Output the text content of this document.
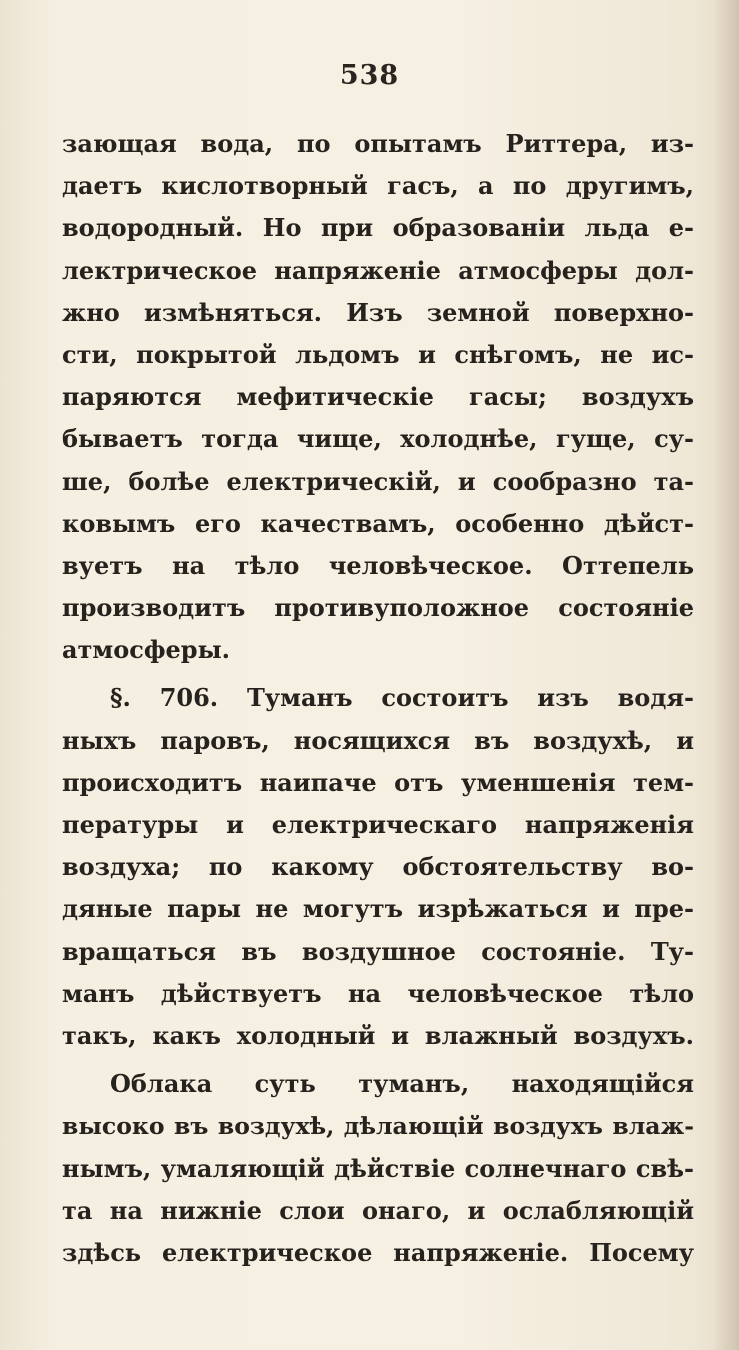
538
зающая вода, по опытамъ Риттера, из-
даетъ кислотворный гасъ, а по другимъ,
водородный. Но при образованіи льда е-
лектрическое напряженіе атмосферы дол-
жно измѣняться. Изъ земной поверхно-
сти, покрытой льдомъ и снѣгомъ, не ис-
паряются мефитическіе гасы; воздухъ
бываетъ тогда чище, холоднѣе, гуще, су-
ше, болѣе електрическій, и сообразно та-
ковымъ его качествамъ, особенно дѣйст-
вуетъ на тѣло человѣческое. Оттепель
производитъ противуположное состояніе
атмосферы.
§. 706. Туманъ состоитъ изъ водя-
ныхъ паровъ, носящихся въ воздухѣ, и
происходитъ наипаче отъ уменшенія тем-
пературы и електрическаго напряженія
воздуха; по какому обстоятельству во-
дяные пары не могутъ изрѣжаться и пре-
вращаться въ воздушное состояніе. Ту-
манъ дѣйствуетъ на человѣческое тѣло
такъ, какъ холодный и влажный воздухъ.
Облака суть туманъ, находящійся
высоко въ воздухѣ, дѣлающій воздухъ влаж-
нымъ, умаляющій дѣйствіе солнечнаго свѣ-
та на нижніе слои онаго, и ослабляющій
здѣсь електрическое напряженіе. Посему
